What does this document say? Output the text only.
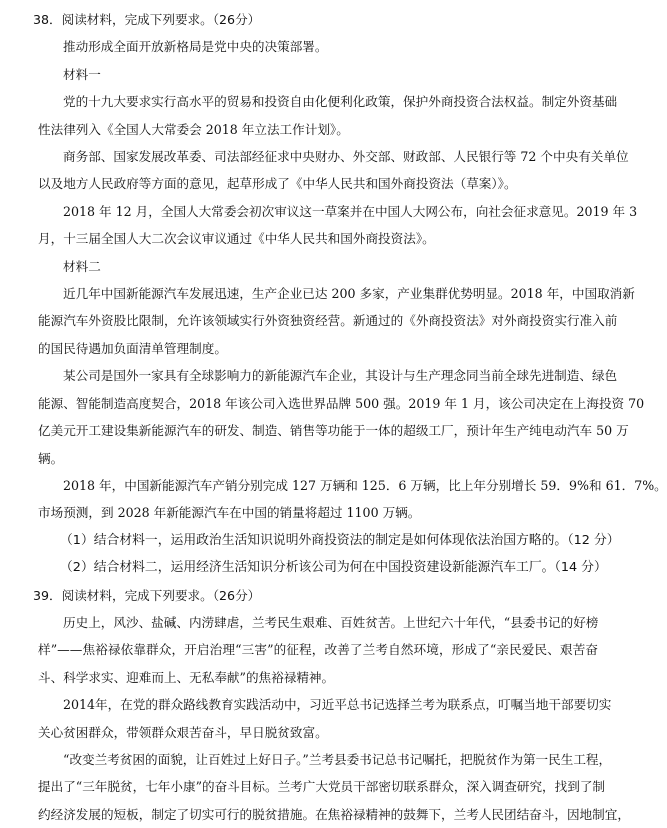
38．阅读材料，完成下列要求。（26分）
推动形成全面开放新格局是党中央的决策部署。
材料一
党的十九大要求实行高水平的贸易和投资自由化便利化政策，保护外商投资合法权益。制定外资基础
性法律列入《全国人大常委会 2018 年立法工作计划》。
商务部、国家发展改革委、司法部经征求中央财办、外交部、财政部、人民银行等 72 个中央有关单位
以及地方人民政府等方面的意见，起草形成了《中华人民共和国外商投资法（草案）》。
2018 年 12 月，全国人大常委会初次审议这一草案并在中国人大网公布，向社会征求意见。2019 年 3
月，十三届全国人大二次会议审议通过《中华人民共和国外商投资法》。
材料二
近几年中国新能源汽车发展迅速，生产企业已达 200 多家，产业集群优势明显。2018 年，中国取消新
能源汽车外资股比限制，允许该领域实行外资独资经营。新通过的《外商投资法》对外商投资实行准入前
的国民待遇加负面清单管理制度。
某公司是国外一家具有全球影响力的新能源汽车企业，其设计与生产理念同当前全球先进制造、绿色
能源、智能制造高度契合，2018 年该公司入选世界品牌 500 强。2019 年 1 月，该公司决定在上海投资 70
亿美元开工建设集新能源汽车的研发、制造、销售等功能于一体的超级工厂，预计年生产纯电动汽车 50 万
辆。
2018 年，中国新能源汽车产销分别完成 127 万辆和 125．6 万辆，比上年分别增长 59．9%和 61．7%。
市场预测，到 2028 年新能源汽车在中国的销量将超过 1100 万辆。
（1）结合材料一，运用政治生活知识说明外商投资法的制定是如何体现依法治国方略的。（12 分）
（2）结合材料二，运用经济生活知识分析该公司为何在中国投资建设新能源汽车工厂。（14 分）
39．阅读材料，完成下列要求。（26分）
历史上，风沙、盐碱、内涝肆虐，兰考民生艰难、百姓贫苦。上世纪六十年代，“县委书记的好榜
样”——焦裕禄依靠群众，开启治理“三害”的征程，改善了兰考自然环境，形成了“亲民爱民、艰苦奋
斗、科学求实、迎难而上、无私奉献”的焦裕禄精神。
2014年，在党的群众路线教育实践活动中，习近平总书记选择兰考为联系点，叮嘱当地干部要切实
关心贫困群众，带领群众艰苦奋斗，早日脱贫致富。
“改变兰考贫困的面貌，让百姓过上好日子。”兰考县委书记总书记嘱托，把脱贫作为第一民生工程，
提出了“三年脱贫，七年小康”的奋斗目标。兰考广大党员干部密切联系群众，深入调查研究，找到了制
约经济发展的短板，制定了切实可行的脱贫措施。在焦裕禄精神的鼓舞下，兰考人民团结奋斗，因地制宜，
